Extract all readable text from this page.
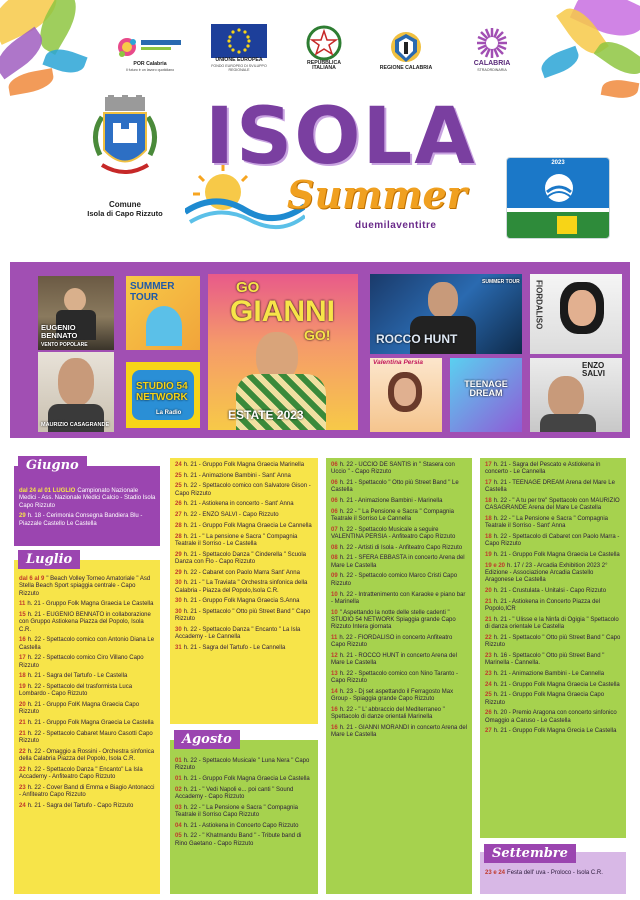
POR Calabria
Il futuro è un lavoro quotidiano
UNIONE EUROPEA
FONDO EUROPEO DI SVILUPPO REGIONALE
REPUBBLICA ITALIANA	REGIONE CALABRIA
CALABRIA
STRAORDINARIA
Comune
Isola di Capo Rizzuto
ISOLA
Summer
duemilaventitre
2023
EUGENIO BENNATO
VENTO POPOLARE
MAURIZIO CASAGRANDE
SUMMER TOUR
STUDIO 54 NETWORK
La Radio
GO
GIANNI
GO!
ESTATE 2023
ROCCO HUNT
SUMMER TOUR
Valentina Persia
TEENAGE DREAM
FIORDALISO
ENZO SALVI
dal 24 al 01 LUGLIO Campionato Nazionale Medici - Ass. Nazionale Medici Calcio - Stadio Isola Capo Rizzuto
29 h. 18 - Cerimonia Consegna Bandiera Blu - Piazzale Castello Le Castella
Giugno
dal 6 al 9 " Beach Volley Torneo Amatoriale " Asd Stella Beach Sport spiaggia centrale - Capo Rizzuto
11 h. 21 - Gruppo Folk Magna Graecia Le Castella
15 h. 21 - EUGENIO BENNATO in collaborazione con Gruppo Astiokena Piazza del Popolo, Isola C.R.
16 h. 22 - Spettacolo comico con Antonio Diana Le Castella
17 h. 22 - Spettacolo comico Ciro Villano Capo Rizzuto
18 h. 21 - Sagra del Tartufo - Le Castella
19 h. 22 - Spettacolo del trasformista Luca Lombardo - Capo Rizzuto
20 h. 21 - Gruppo FolK Magna Graecia Capo Rizzuto
21 h. 21 - Gruppo Folk Magna Graecia Le Castella
21 h. 22 - Spettacolo Cabaret Mauro Casotti Capo Rizzuto
22 h. 22 - Omaggio a Rossini - Orchestra sinfonica della Calabria Piazza del Popolo, Isola C.R.
22 h. 22 - Spettacolo Danza " Encanto" La Isla Accademy - Anfiteatro Capo Rizzuto
23 h. 22 - Cover Band di Emma e Biagio Antonacci - Anfiteatro Capo Rizzuto
24 h. 21 - Sagra del Tartufo - Capo Rizzuto
Luglio
24 h. 21 - Gruppo Folk Magna Graecia Marinella
25 h. 21 - Animazione Bambini - Sant' Anna
25 h. 22 - Spettacolo comico con Salvatore Gison - Capo Rizzuto
26 h. 21 - Astiokena in concerto - Sant' Anna
27 h. 22 - ENZO SALVI - Capo Rizzuto
28 h. 21 - Gruppo Folk Magna Graecia Le Cannella
28 h. 21 - " La pensione e Sacra " Compagnia Teatrale il Sorriso - Le Castella
29 h. 21 - Spettacolo Danza " Cinderella " Scuola Danza con Flo - Capo Rizzuto
29 h. 22 - Cabaret con Paolo Marra Sant' Anna
30 h. 21 - " La Traviata " Orchestra sinfonica della Calabria - Piazza del Popolo,Isola C.R.
30 h. 21 - Gruppo Folk Magna Graecia S.Anna
30 h. 21 - Spettacolo " Otto più Street Band " Capo Rizzuto
30 h. 22 - Spettacolo Danza " Encanto " La Isla Accademy - Le Cannella
31 h. 21 - Sagra del Tartufo - Le Cannella
01 h. 22 - Spettacolo Musicale " Luna Nera " Capo Rizzuto
01 h. 21 - Gruppo Folk Magna Graecia Le Castella
02 h. 21 - " Vedi Napoli e... poi canti " Sound Accademy - Capo Rizzuto
03 h. 22 - " La Pensione e Sacra " Compagnia Teatrale il Sorriso Capo Rizzuto
04 h. 21 - Astiokena in Concerto Capo Rizzuto
05 h. 22 - " Khatmandu Band " - Tribute band di Rino Gaetano - Capo Rizzuto
Agosto
06 h. 22 - UCCIO DE SANTIS in " Stasera con Uccio " - Capo Rizzuto
06 h. 21 - Spettacolo " Otto più Street Band " Le Castella
06 h. 21 - Animazione Bambini - Marinella
06 h. 22 - " La Pensione e Sacra " Compagnia Teatrale il Sorriso Le Cannella
07 h. 22 - Spettacolo Musicale a seguire VALENTINA PERSIA - Anfiteatro Capo Rizzuto
08 h. 22 - Artisti di Isola - Anfiteatro Capo Rizzuto
08 h. 21 - SFERA EBBASTA in concerto Arena del Mare Le Castella
09 h. 22 - Spettacolo comico Marco Cristi Capo Rizzuto
10 h. 22 - Intrattenimento con Karaoke e piano bar - Marinella
10 " Aspettando la notte delle stelle cadenti " STUDIO 54 NETWORK Spiaggia grande Capo Rizzuto Intera giornata
11 h. 22 - FIORDALISO in concerto Anfiteatro Capo Rizzuto
12 h. 21 - ROCCO HUNT in concerto Arena del Mare Le Castella
13 h. 22 - Spettacolo comico con Nino Taranto - Capo Rizzuto
14 h. 23 - Dj set aspettando il Ferragosto Max Group - Spiaggia grande Capo Rizzuto
16 h. 22 - " L' abbraccio del Mediterraneo " Spettacolo di danze orientali Marinella
16 h. 21 - GIANNI MORANDI in concerto Arena del Mare Le Castella
17 h. 21 - Sagra del Pescato e Astiokena in concerto - Le Cannella
17 h. 21 - TEENAGE DREAM Arena del Mare Le Castella
18 h. 22 - " A tu per tre" Spettacolo con MAURIZIO CASAGRANDE Arena del Mare Le Castella
18 h. 22 - " La Pensione e Sacra " Compagnia Teatrale il Sorriso - Sant' Anna
18 h. 22 - Spettacolo di Cabaret con Paolo Marra - Capo Rizzuto
19 h. 21 - Gruppo Folk Magna Graecia Le Castella
19 e 20 h. 17 / 23 - Arcadia Exhibition 2023 2° Edizione - Associazione Arcadia Castello Aragonese Le Castella
20 h. 21 - Crustulata - Unitalsi - Capo Rizzuto
21 h. 21 - Astiokena in Concerto Piazza del Popolo,ICR
21 h. 21 - " Ulisse e la Ninfa di Ogigia " Spettacolo di danza orientale Le Castella
22 h. 21 - Spettacolo " Otto più Street Band " Capo Rizzuto
23 h. 16 - Spettacolo " Otto più Street Band " Marinella - Cannella.
23 h. 21 - Animazione Bambini - Le Cannella
24 h. 21 - Gruppo Folk Magna Graecia Le Castella
25 h. 21 - Gruppo Folk Magna Graecia Capo Rizzuto
26 h. 20 - Premio Aragona con concerto sinfonico Omaggio a Caruso - Le Castella
27 h. 21 - Gruppo Folk Magna Grecia Le Castella
23 e 24 Festa dell' uva - Proloco - Isola C.R.
Settembre
